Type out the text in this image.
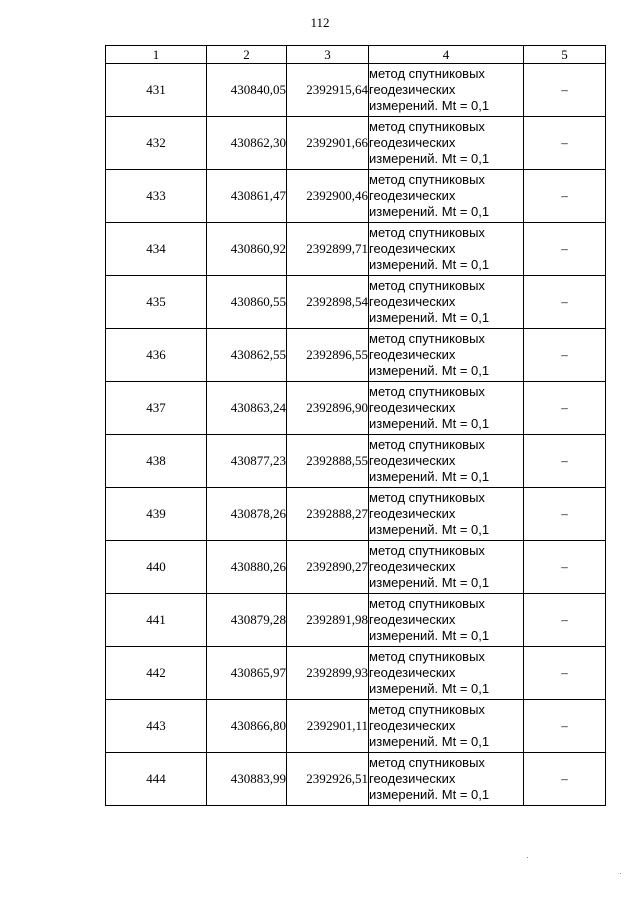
112
1	2	3	4	5
431	430840,05	2392915,64	метод спутниковых
геодезических
измерений. Mt = 0,1	–
432	430862,30	2392901,66	метод спутниковых
геодезических
измерений. Mt = 0,1	–
433	430861,47	2392900,46	метод спутниковых
геодезических
измерений. Mt = 0,1	–
434	430860,92	2392899,71	метод спутниковых
геодезических
измерений. Mt = 0,1	–
435	430860,55	2392898,54	метод спутниковых
геодезических
измерений. Mt = 0,1	–
436	430862,55	2392896,55	метод спутниковых
геодезических
измерений. Mt = 0,1	–
437	430863,24	2392896,90	метод спутниковых
геодезических
измерений. Mt = 0,1	–
438	430877,23	2392888,55	метод спутниковых
геодезических
измерений. Mt = 0,1	–
439	430878,26	2392888,27	метод спутниковых
геодезических
измерений. Mt = 0,1	–
440	430880,26	2392890,27	метод спутниковых
геодезических
измерений. Mt = 0,1	–
441	430879,28	2392891,98	метод спутниковых
геодезических
измерений. Mt = 0,1	–
442	430865,97	2392899,93	метод спутниковых
геодезических
измерений. Mt = 0,1	–
443	430866,80	2392901,11	метод спутниковых
геодезических
измерений. Mt = 0,1	–
444	430883,99	2392926,51	метод спутниковых
геодезических
измерений. Mt = 0,1	–
